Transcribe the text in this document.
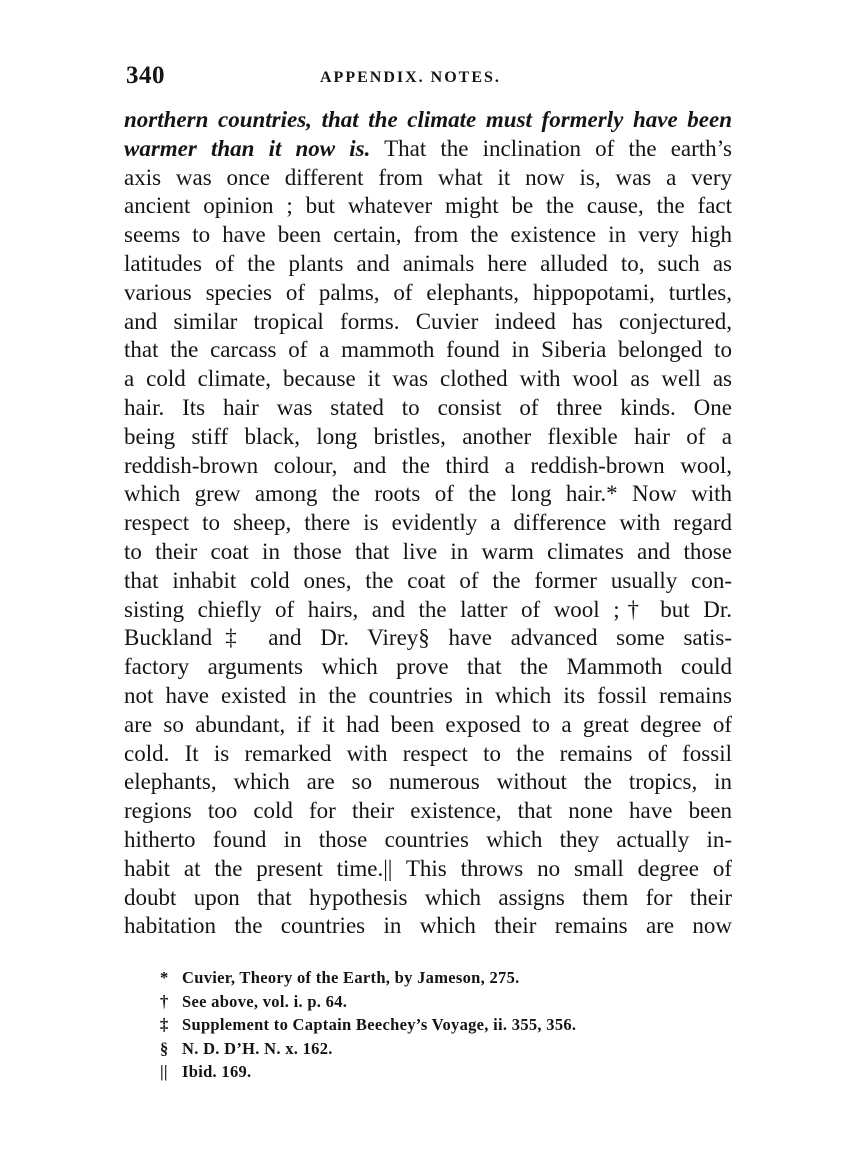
340	APPENDIX. NOTES.
northern countries, that the climate must formerly have been
warmer than it now is. That the inclination of the earth’s
axis was once different from what it now is, was a very
ancient opinion ; but whatever might be the cause, the fact
seems to have been certain, from the existence in very high
latitudes of the plants and animals here alluded to, such as
various species of palms, of elephants, hippopotami, turtles,
and similar tropical forms. Cuvier indeed has conjectured,
that the carcass of a mammoth found in Siberia belonged to
a cold climate, because it was clothed with wool as well as
hair. Its hair was stated to consist of three kinds. One
being stiff black, long bristles, another flexible hair of a
reddish-brown colour, and the third a reddish-brown wool,
which grew among the roots of the long hair.* Now with
respect to sheep, there is evidently a difference with regard
to their coat in those that live in warm climates and those
that inhabit cold ones, the coat of the former usually con-
sisting chiefly of hairs, and the latter of wool ;† but Dr.
Buckland‡ and Dr. Virey§ have advanced some satis-
factory arguments which prove that the Mammoth could
not have existed in the countries in which its fossil remains
are so abundant, if it had been exposed to a great degree of
cold. It is remarked with respect to the remains of fossil
elephants, which are so numerous without the tropics, in
regions too cold for their existence, that none have been
hitherto found in those countries which they actually in-
habit at the present time.|| This throws no small degree of
doubt upon that hypothesis which assigns them for their
habitation the countries in which their remains are now
* Cuvier, Theory of the Earth, by Jameson, 275.
† See above, vol. i. p. 64.
‡ Supplement to Captain Beechey’s Voyage, ii. 355, 356.
§ N. D. D’H. N. x. 162.
|| Ibid. 169.
